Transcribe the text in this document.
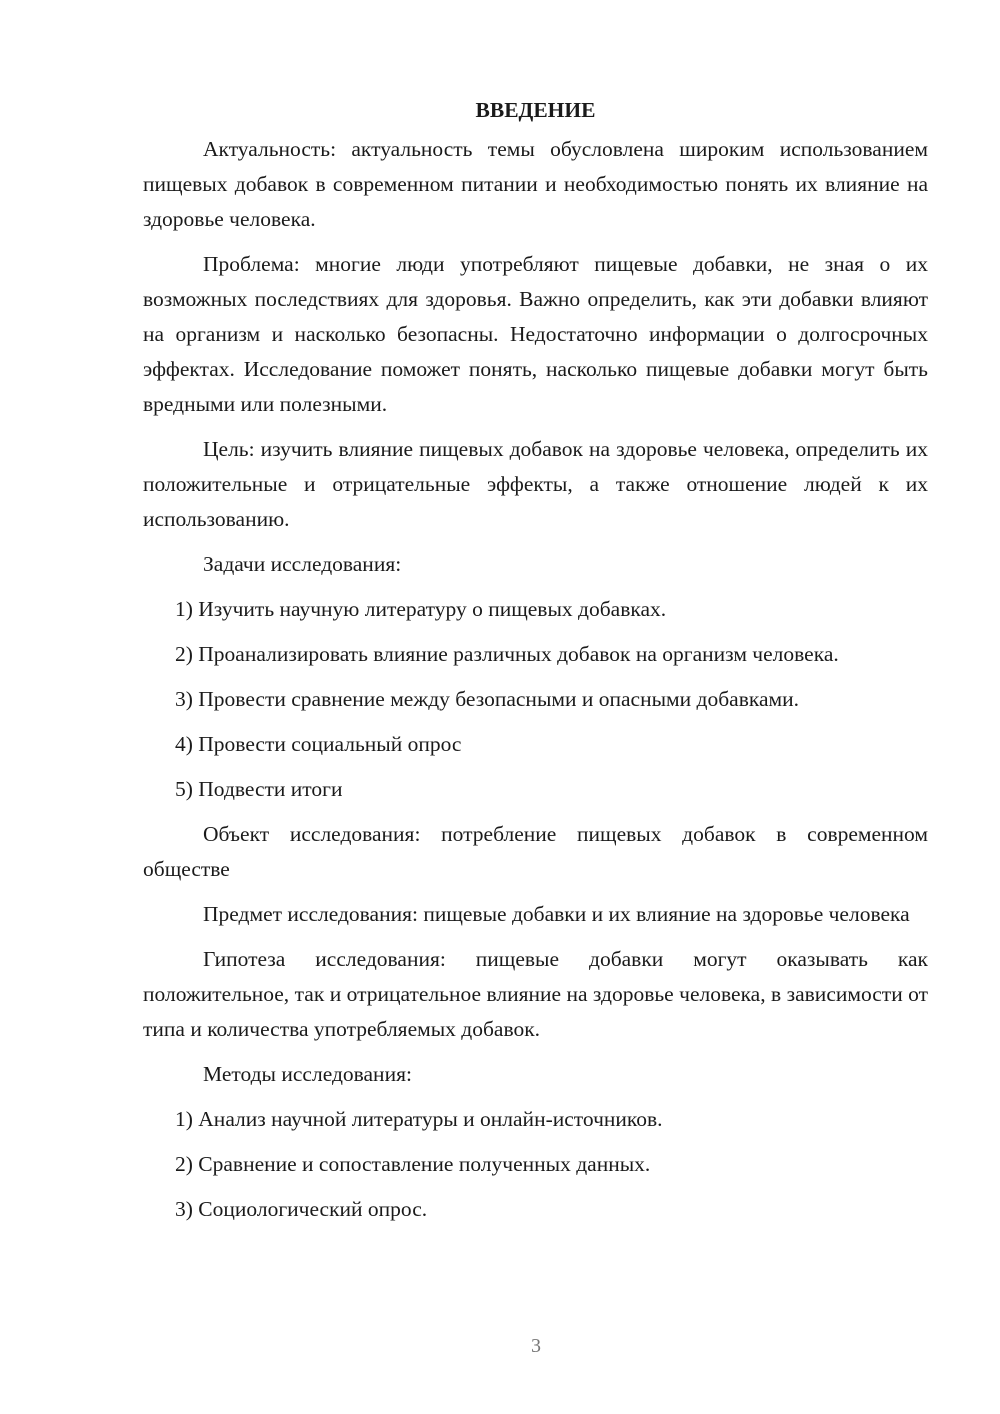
ВВЕДЕНИЕ

Актуальность: актуальность темы обусловлена широким использованием пищевых добавок в современном питании и необходимостью понять их влияние на здоровье человека.

Проблема: многие люди употребляют пищевые добавки, не зная о их возможных последствиях для здоровья. Важно определить, как эти добавки влияют на организм и насколько безопасны. Недостаточно информации о долгосрочных эффектах. Исследование поможет понять, насколько пищевые добавки могут быть вредными или полезными.

Цель: изучить влияние пищевых добавок на здоровье человека, определить их положительные и отрицательные эффекты, а также отношение людей к их использованию.

Задачи исследования:

1) Изучить научную литературу о пищевых добавках.

2) Проанализировать влияние различных добавок на организм человека.

3) Провести сравнение между безопасными и опасными добавками.

4) Провести социальный опрос

5) Подвести итоги

Объект исследования: потребление пищевых добавок в современном обществе

Предмет исследования: пищевые добавки и их влияние на здоровье человека

Гипотеза исследования: пищевые добавки могут оказывать как положительное, так и отрицательное влияние на здоровье человека, в зависимости от типа и количества употребляемых добавок.

Методы исследования:

1) Анализ научной литературы и онлайн-источников.

2) Сравнение и сопоставление полученных данных.

3) Социологический опрос.

3
